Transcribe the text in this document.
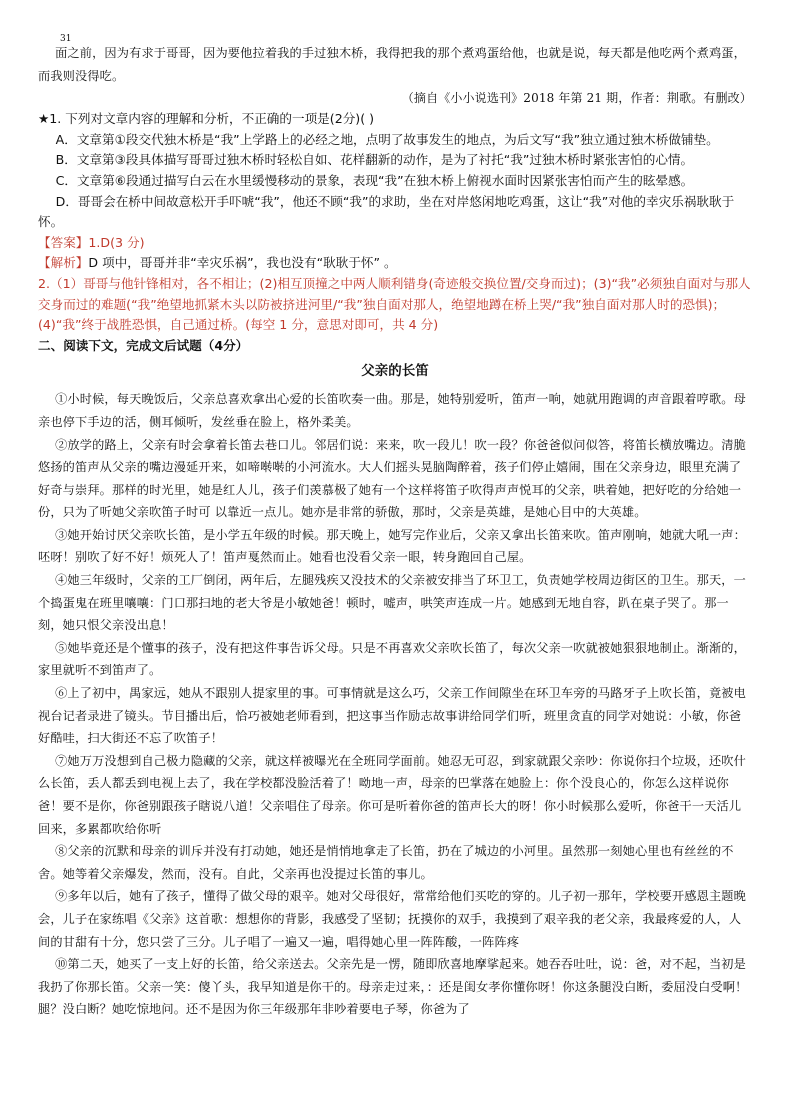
31

面之前，因为有求于哥哥，因为要他拉着我的手过独木桥，我得把我的那个煮鸡蛋给他，也就是说，每天都是他吃两个煮鸡蛋，而我则没得吃。

（摘自《小小说选刊》2018 年第 21 期，作者：荆歌。有删改）

★1. 下列对文章内容的理解和分析，不正确的一项是(2分)( )

A．文章第①段交代独木桥是“我”上学路上的必经之地，点明了故事发生的地点，为后文写“我”独立通过独木桥做铺垫。

B．文章第③段具体描写哥哥过独木桥时轻松自如、花样翻新的动作，是为了衬托“我”过独木桥时紧张害怕的心情。

C．文章第⑥段通过描写白云在水里缓慢移动的景象，表现“我”在独木桥上俯视水面时因紧张害怕而产生的眩晕感。

D．哥哥会在桥中间故意松开手吓唬“我”，他还不顾“我”的求助，坐在对岸悠闲地吃鸡蛋，这让“我”对他的幸灾乐祸耿耿于怀。

【答案】1.D(3 分)

【解析】D 项中，哥哥并非“幸灾乐祸”，我也没有“耿耿于怀” 。

2.（1）哥哥与他针锋相对，各不相让；(2)相互顶撞之中两人顺利错身(奇迹般交换位置/交身而过)；(3)“我”必须独自面对与那人交身而过的难题(“我”绝望地抓紧木头以防被挤进河里/“我”独自面对那人，绝望地蹲在桥上哭/“我”独自面对那人时的恐惧)；(4)“我”终于战胜恐惧，自己通过桥。(每空 1 分，意思对即可，共 4 分)

二、阅读下文，完成文后试题（4分）

父亲的长笛

①小时候，每天晚饭后，父亲总喜欢拿出心爱的长笛吹奏一曲。那是，她特别爱听，笛声一响，她就用跑调的声音跟着哼歌。母亲也停下手边的活，侧耳倾听，发丝垂在脸上，格外柔美。

②放学的路上，父亲有时会拿着长笛去巷口儿。邻居们说：来来，吹一段儿！吹一段？你爸爸似问似答，将笛长横放嘴边。清脆悠扬的笛声从父亲的嘴边漫延开来，如啼啭啭的小河流水。大人们摇头晃脑陶醉着，孩子们停止嬉闹，围在父亲身边，眼里充满了好奇与崇拜。那样的时光里，她是红人儿，孩子们羡慕极了她有一个这样将笛子吹得声声悦耳的父亲，哄着她，把好吃的分给她一份，只为了听她父亲吹笛子时可 以靠近一点儿。她亦是非常的骄傲，那时，父亲是英雄，是她心目中的大英雄。

③她开始讨厌父亲吹长笛，是小学五年级的时候。那天晚上，她写完作业后，父亲又拿出长笛来吹。笛声刚响，她就大吼一声：呸呀！别吹了好不好！烦死人了！笛声戛然而止。她看也没看父亲一眼，转身跑回自己屋。

④她三年级时，父亲的工厂倒闭，两年后，左腿残疾又没技术的父亲被安排当了环卫工，负责她学校周边街区的卫生。那天，一个捣蛋鬼在班里嚷嚷：门口那扫地的老大爷是小敏她爸！顿时，嘘声，哄笑声连成一片。她感到无地自容，趴在桌子哭了。那一刻，她只恨父亲没出息！

⑤她毕竟还是个懂事的孩子，没有把这件事告诉父母。只是不再喜欢父亲吹长笛了，每次父亲一吹就被她狠狠地制止。渐渐的，家里就听不到笛声了。

⑥上了初中，禺家远，她从不跟别人提家里的事。可事情就是这么巧，父亲工作间隙坐在环卫车旁的马路牙子上吹长笛，竟被电视台记者录进了镜头。节目播出后，恰巧被她老师看到，把这事当作励志故事讲给同学们听，班里贪直的同学对她说：小敏，你爸好酷哇，扫大街还不忘了吹笛子！

⑦她万万没想到自己极力隐藏的父亲，就这样被曝光在全班同学面前。她忍无可忍，到家就跟父亲吵：你说你扫个垃圾，还吹什么长笛，丢人都丢到电视上去了，我在学校都没脸活着了！呦地一声，母亲的巴掌落在她脸上：你个没良心的，你怎么这样说你爸！要不是你，你爸别跟孩子瞎说八道！父亲唱住了母亲。你可是听着你爸的笛声长大的呀！你小时候那么爱听，你爸干一天活儿回来，多累都吹给你听

⑧父亲的沉默和母亲的训斥并没有打动她，她还是悄悄地拿走了长笛，扔在了城边的小河里。虽然那一刻她心里也有丝丝的不舍。她等着父亲爆发，然而，没有。自此，父亲再也没提过长笛的事儿。

⑨多年以后，她有了孩子，懂得了做父母的艰辛。她对父母很好，常常给他们买吃的穿的。儿子初一那年，学校要开感恩主题晚会，儿子在家练唱《父亲》这首歌：想想你的背影，我感受了坚韧；抚摸你的双手，我摸到了艰辛我的老父亲，我最疼爱的人，人间的甘甜有十分，您只尝了三分。儿子唱了一遍又一遍，唱得她心里一阵阵酸，一阵阵疼

⑩第二天，她买了一支上好的长笛，给父亲送去。父亲先是一愣，随即欣喜地摩挲起来。她吞吞吐吐，说：爸，对不起，当初是我扔了你那长笛。父亲一笑：傻丫头，我早知道是你干的。母亲走过来，：还是闺女孝你懂你呀！你这条腿没白断，委屈没白受啊！腿？没白断？她吃惊地问。还不是因为你三年级那年非吵着要电子琴，你爸为了
